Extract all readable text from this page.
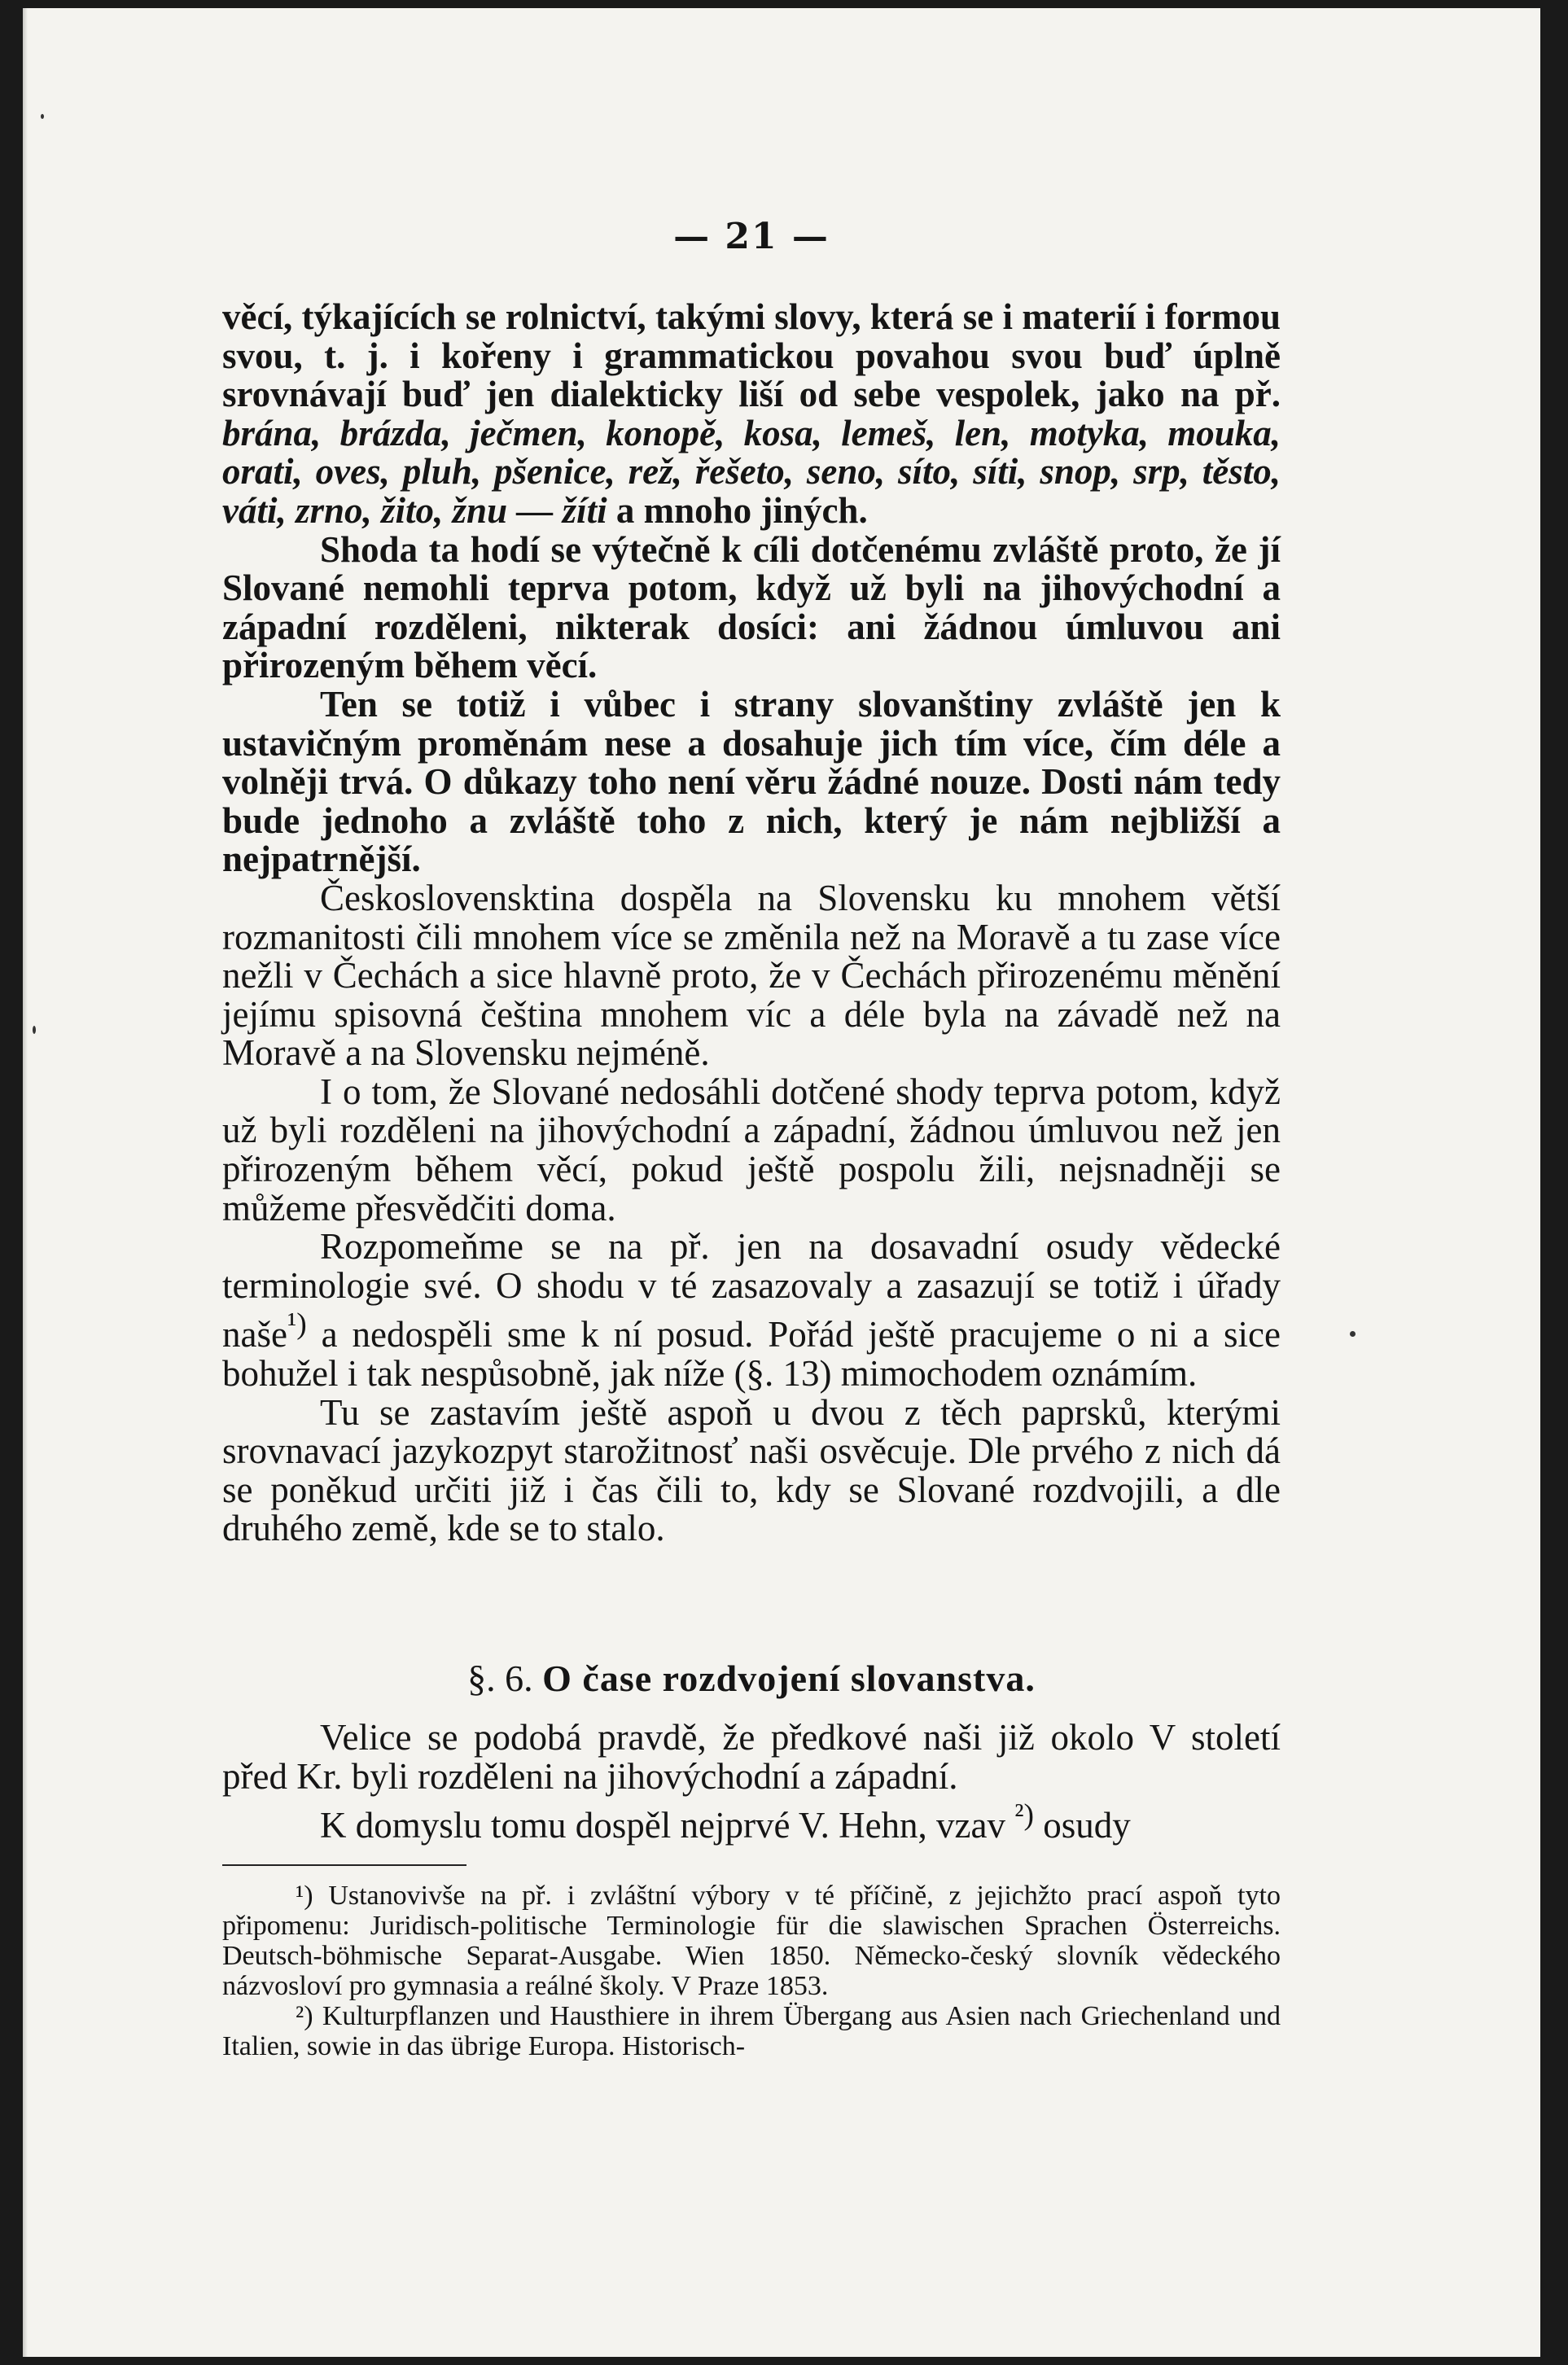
— 21 —

věcí, týkajících se rolnictví, takými slovy, která se i materií i formou svou, t. j. i kořeny i grammatickou povahou svou buď úplně srovnávají buď jen dialekticky liší od sebe vespolek, jako na př. brána, brázda, ječmen, konopě, kosa, lemeš, len, motyka, mouka, orati, oves, pluh, pšenice, rež, řešeto, seno, síto, síti, snop, srp, těsto, váti, zrno, žito, žnu — žíti a mnoho jiných.

Shoda ta hodí se výtečně k cíli dotčenému zvláště proto, že jí Slované nemohli teprva potom, když už byli na jihovýchodní a západní rozděleni, nikterak dosíci: ani žádnou úmluvou ani přirozeným během věcí.

Ten se totiž i vůbec i strany slovanštiny zvláště jen k ustavičným proměnám nese a dosahuje jich tím více, čím déle a volněji trvá. O důkazy toho není věru žádné nouze. Dosti nám tedy bude jednoho a zvláště toho z nich, který je nám nejbližší a nejpatrnější.

Československtina dospěla na Slovensku ku mnohem větší rozmanitosti čili mnohem více se změnila než na Moravě a tu zase více nežli v Čechách a sice hlavně proto, že v Čechách přirozenému měnění jejímu spisovná čeština mnohem víc a déle byla na závadě než na Moravě a na Slovensku nejméně.

I o tom, že Slované nedosáhli dotčené shody teprva potom, když už byli rozděleni na jihovýchodní a západní, žádnou úmluvou než jen přirozeným během věcí, pokud ještě pospolu žili, nejsnadněji se můžeme přesvědčiti doma.

Rozpomeňme se na př. jen na dosavadní osudy vědecké terminologie své. O shodu v té zasazovaly a zasazují se totiž i úřady naše$^{^1)}$ a nedospěli sme k ní posud. Pořád ještě pracujeme o ni a sice bohužel i tak nespůsobně, jak níže (§. 13) mimochodem oznámím.

Tu se zastavím ještě aspoň u dvou z těch paprsků, kterými srovnavací jazykozpyt starožitnosť naši osvěcuje. Dle prvého z nich dá se poněkud určiti již i čas čili to, kdy se Slované rozdvojili, a dle druhého země, kde se to stalo.

§. 6. O čase rozdvojení slovanstva.

Velice se podobá pravdě, že předkové naši již okolo V století před Kr. byli rozděleni na jihovýchodní a západní.

K domyslu tomu dospěl nejprvé V. Hehn, vzav $^{^2)}$ osudy

¹) Ustanovivše na př. i zvláštní výbory v té příčině, z jejichžto prací aspoň tyto připomenu: Juridisch-politische Terminologie für die slawischen Sprachen Österreichs. Deutsch-böhmische Separat-Ausgabe. Wien 1850. Německo-český slovník vědeckého názvosloví pro gymnasia a reálné školy. V Praze 1853.

²) Kulturpflanzen und Hausthiere in ihrem Übergang aus Asien nach Griechenland und Italien, sowie in das übrige Europa. Historisch-
